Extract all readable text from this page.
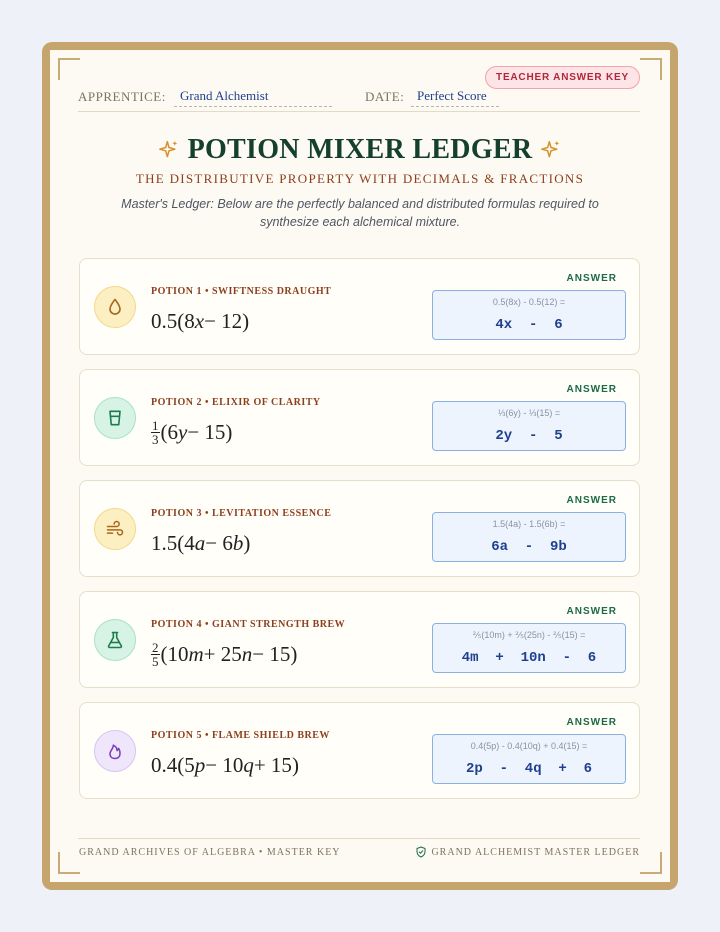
APPRENTICE:	Grand Alchemist	DATE: Perfect Score
TEACHER ANSWER KEY
POTION MIXER LEDGER
THE DISTRIBUTIVE PROPERTY WITH DECIMALS & FRACTIONS
Master's Ledger: Below are the perfectly balanced and distributed formulas required to synthesize each alchemical mixture.
POTION 1 • SWIFTNESS DRAUGHT
0.5 ( 8 x − 12 )
ANSWER
0.5(8x) - 0.5(12) =
4x  -  6
POTION 2 • ELIXIR OF CLARITY
$\frac{1}{3}$ ( 6 y − 15 )
ANSWER
⅓(6y) - ⅓(15) =
2y  -  5
POTION 3 • LEVITATION ESSENCE
1.5 ( 4 a − 6 b )
ANSWER
1.5(4a) - 1.5(6b) =
6a  -  9b
POTION 4 • GIANT STRENGTH BREW
$\frac{2}{5}$ ( 10 m + 25 n − 15 )
ANSWER
⅖(10m) + ⅖(25n) - ⅖(15) =
4m  +  10n  -  6
POTION 5 • FLAME SHIELD BREW
0.4 ( 5 p − 10 q + 15 )
ANSWER
0.4(5p) - 0.4(10q) + 0.4(15) =
2p  -  4q  +  6
GRAND ARCHIVES OF ALGEBRA • MASTER KEY	GRAND ALCHEMIST MASTER LEDGER
